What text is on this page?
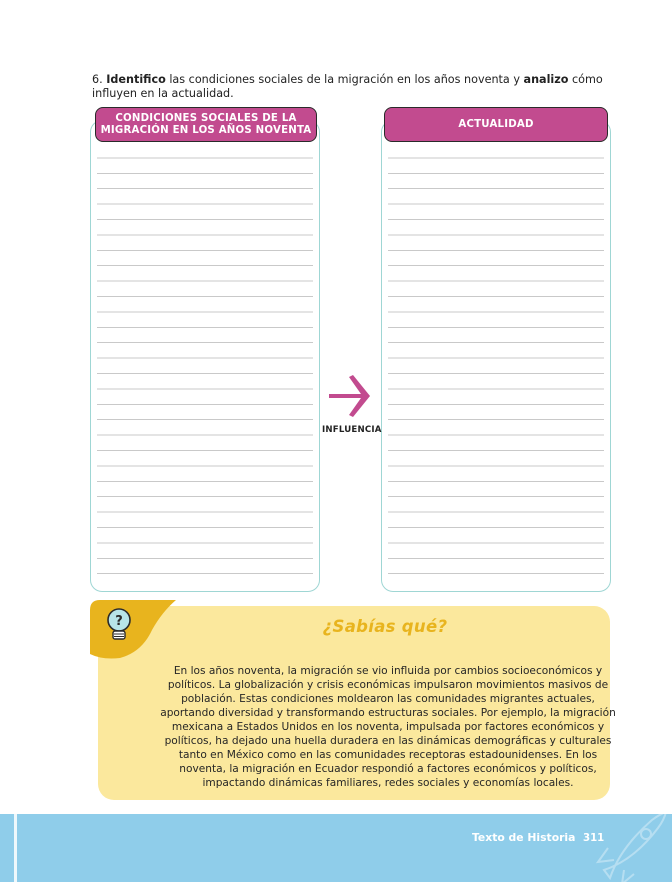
6. Identifico las condiciones sociales de la migración en los años noventa y analizo cómo influyen en la actualidad.

CONDICIONES SOCIALES DE LA
MIGRACIÓN EN LOS AÑOS NOVENTA
ACTUALIDAD
INFLUENCIA
?	¿Sabías qué?

En los años noventa, la migración se vio influida por cambios socioeconómicos y políticos. La globalización y crisis económicas impulsaron movimientos masivos de población. Estas condiciones moldearon las comunidades migrantes actuales, aportando diversidad y transformando estructuras sociales. Por ejemplo, la migración mexicana a Estados Unidos en los noventa, impulsada por factores económicos y políticos, ha dejado una huella duradera en las dinámicas demográficas y culturales tanto en México como en las comunidades receptoras estadounidenses. En los noventa, la migración en Ecuador respondió a factores económicos y políticos, impactando dinámicas familiares, redes sociales y economías locales.

Texto de Historia 311
